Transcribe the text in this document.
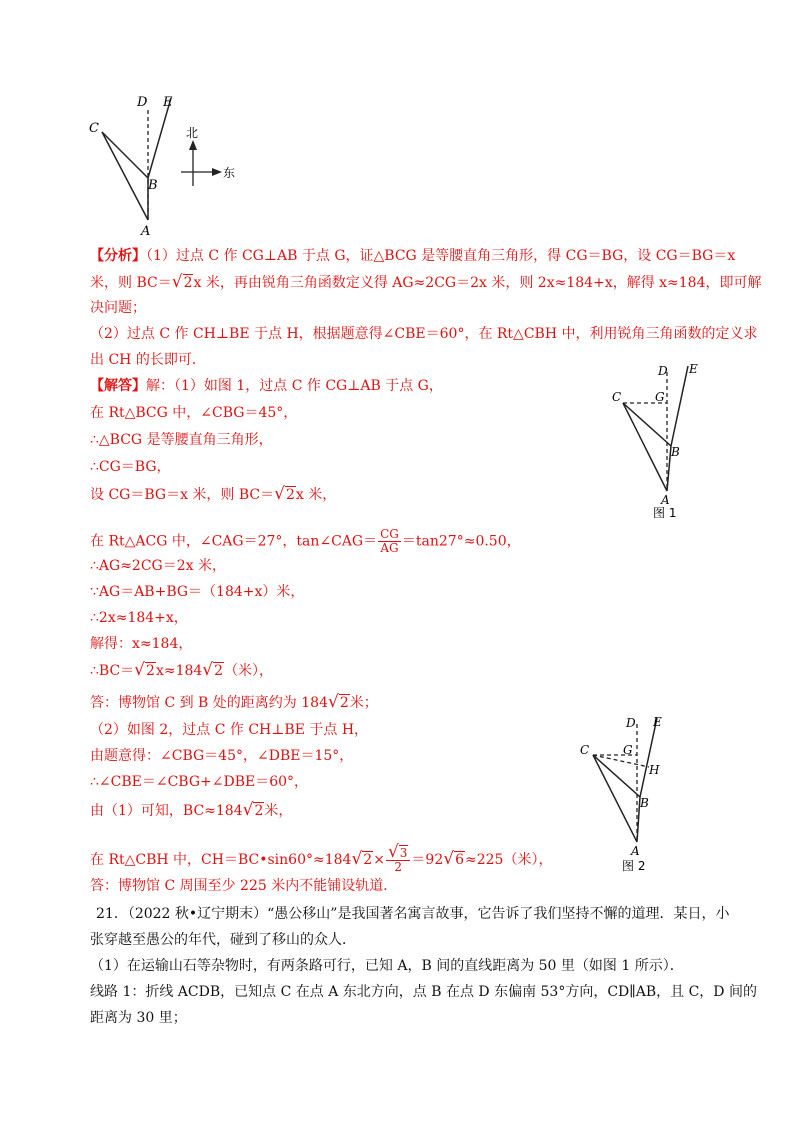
D E
C
B
A
北
东
D E
C	G
B
A
图 1
D E
C	G
H
B
A
图 2
【分析】（1）过点 C 作 CG⊥AB 于点 G，证△BCG 是等腰直角三角形，得 CG＝BG，设 CG＝BG＝x
米，则 BC＝√2x 米，再由锐角三角函数定义得 AG≈2CG＝2x 米，则 2x≈184+x，解得 x≈184，即可解
决问题；
（2）过点 C 作 CH⊥BE 于点 H，根据题意得∠CBE＝60°，在 Rt△CBH 中，利用锐角三角函数的定义求
出 CH 的长即可．
【解答】解：（1）如图 1，过点 C 作 CG⊥AB 于点 G，
在 Rt△BCG 中，∠CBG＝45°，
∴△BCG 是等腰直角三角形，
∴CG＝BG，
设 CG＝BG＝x 米，则 BC＝√2x 米，
在 Rt△ACG 中，∠CAG＝27°，tan∠CAG＝ $\frac{CG}{AG} =\tan 27^\circ\approx 0.50$，
∴AG≈2CG＝2x 米，
∵AG＝AB+BG＝（184+x）米，
∴2x≈184+x，
解得：x≈184，
∴BC＝√2x≈184√2（米），
答：博物馆 C 到 B 处的距离约为 184√2米；
（2）如图 2，过点 C 作 CH⊥BE 于点 H，
由题意得：∠CBG＝45°，∠DBE＝15°，
∴∠CBE＝∠CBG+∠DBE＝60°，
由（1）可知，BC≈184√2米，
在 Rt△CBH 中，CH＝BC•sin60°≈184√2× $\frac{√3}{2} =92√6\approx 225$（米），
答：博物馆 C 周围至少 225 米内不能铺设轨道．
21．（2022 秋•辽宁期末）“愚公移山”是我国著名寓言故事，它告诉了我们坚持不懈的道理．某日，小
张穿越至愚公的年代，碰到了移山的众人．
（1）在运输山石等杂物时，有两条路可行，已知 A，B 间的直线距离为 50 里（如图 1 所示）．
线路 1：折线 ACDB，已知点 C 在点 A 东北方向，点 B 在点 D 东偏南 53°方向，CD∥AB，且 C，D 间的
距离为 30 里；
